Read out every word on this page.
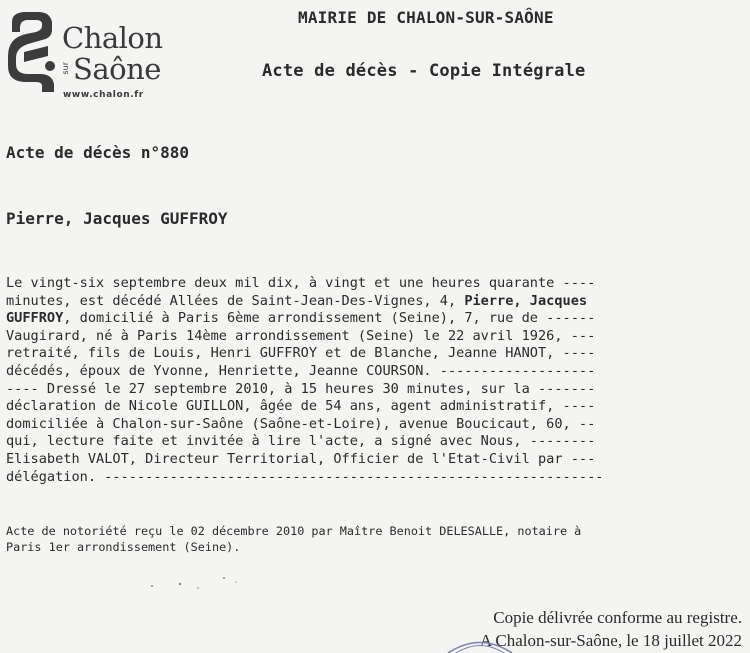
Chalon
sur Saône
www.chalon.fr
MAIRIE DE CHALON-SUR-SAÔNE
Acte de décès - Copie Intégrale
Acte de décès n°880
Pierre, Jacques GUFFROY
Le vingt-six septembre deux mil dix, à vingt et une heures quarante ----
minutes, est décédé Allées de Saint-Jean-Des-Vignes, 4, Pierre, Jacques
GUFFROY, domicilié à Paris 6ème arrondissement (Seine), 7, rue de ------
Vaugirard, né à Paris 14ème arrondissement (Seine) le 22 avril 1926, ---
retraité, fils de Louis, Henri GUFFROY et de Blanche, Jeanne HANOT, ----
décédés, époux de Yvonne, Henriette, Jeanne COURSON. -------------------
---- Dressé le 27 septembre 2010, à 15 heures 30 minutes, sur la -------
déclaration de Nicole GUILLON, âgée de 54 ans, agent administratif, ----
domiciliée à Chalon-sur-Saône (Saône-et-Loire), avenue Boucicaut, 60, --
qui, lecture faite et invitée à lire l'acte, a signé avec Nous, --------
Elisabeth VALOT, Directeur Territorial, Officier de l'Etat-Civil par ---
délégation. -------------------------------------------------------------
Acte de notoriété reçu le 02 décembre 2010 par Maître Benoit DELESALLE, notaire à
Paris 1er arrondissement (Seine).
Copie délivrée conforme au registre.
A Chalon-sur-Saône, le 18 juillet 2022
